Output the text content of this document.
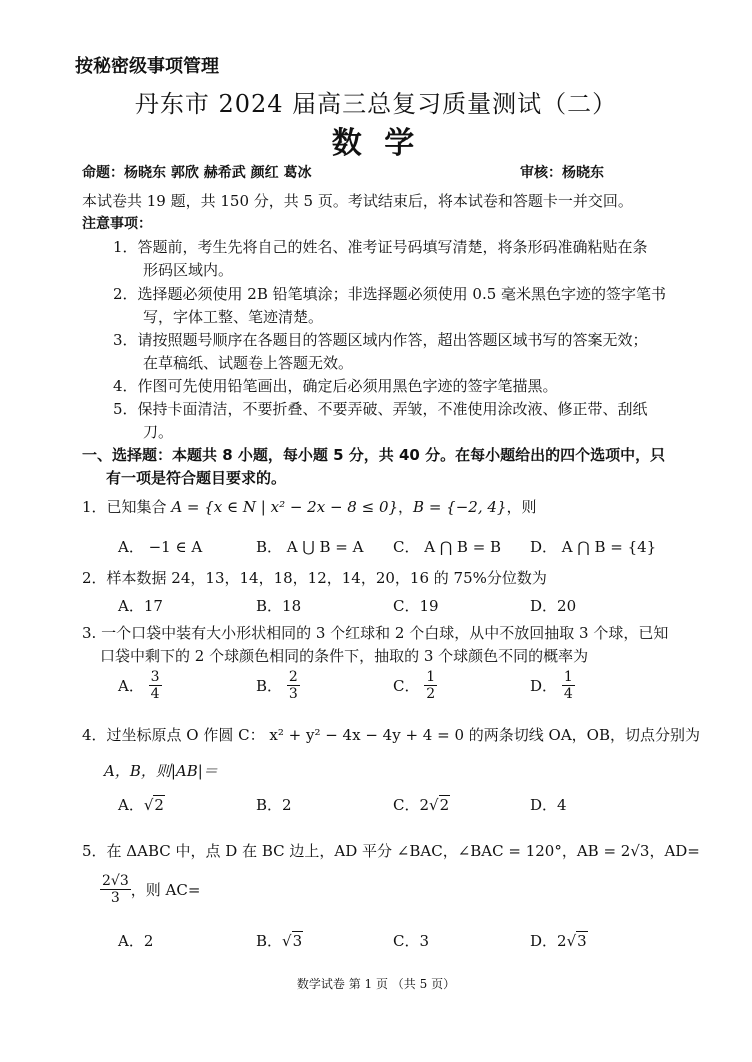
按秘密级事项管理
丹东市 2024 届高三总复习质量测试（二）
数 学
命题：杨晓东 郭欣 赫希武 颜红 葛冰	审核：杨晓东
本试卷共 19 题，共 150 分，共 5 页。考试结束后，将本试卷和答题卡一并交回。
注意事项：
1．答题前，考生先将自己的姓名、准考证号码填写清楚，将条形码准确粘贴在条
形码区域内。
2．选择题必须使用 2B 铅笔填涂；非选择题必须使用 0.5 毫米黑色字迹的签字笔书
写，字体工整、笔迹清楚。
3．请按照题号顺序在各题目的答题区域内作答，超出答题区域书写的答案无效；
在草稿纸、试题卷上答题无效。
4．作图可先使用铅笔画出，确定后必须用黑色字迹的签字笔描黑。
5．保持卡面清洁，不要折叠、不要弄破、弄皱，不准使用涂改液、修正带、刮纸
刀。
一、选择题：本题共 8 小题，每小题 5 分，共 40 分。在每小题给出的四个选项中，只
有一项是符合题目要求的。
1．已知集合 A = {x ∈ N | x² − 2x − 8 ≤ 0}，B = {−2, 4}，则
A． −1 ∈ A	B． A ⋃ B = A C． A ⋂ B = B D． A ⋂ B = {4}
2．样本数据 24，13，14，18，12，14，20，16 的 75%分位数为
A．17	B．18	C．19	D．20
3. 一个口袋中装有大小形状相同的 3 个红球和 2 个白球，从中不放回抽取 3 个球，已知
口袋中剩下的 2 个球颜色相同的条件下，抽取的 3 个球颜色不同的概率为
A． $\frac{3}{4}$	B． $\frac{2}{3}$	C． $\frac{1}{2}$	D． $\frac{1}{4}$
4．过坐标原点 O 作圆 C： x² + y² − 4x − 4y + 4 = 0 的两条切线 OA，OB，切点分别为
A，B，则|AB|＝
A．√2	B．2	C．2√2	D．4
5．在 ΔABC 中，点 D 在 BC 边上，AD 平分 ∠BAC，∠BAC = 120°，AB = 2√3，AD=
$\frac{2√3}{3}$ ，则 AC=
A．2	B．√3	C．3	D．2√3
数学试卷 第 1 页 （共 5 页）
